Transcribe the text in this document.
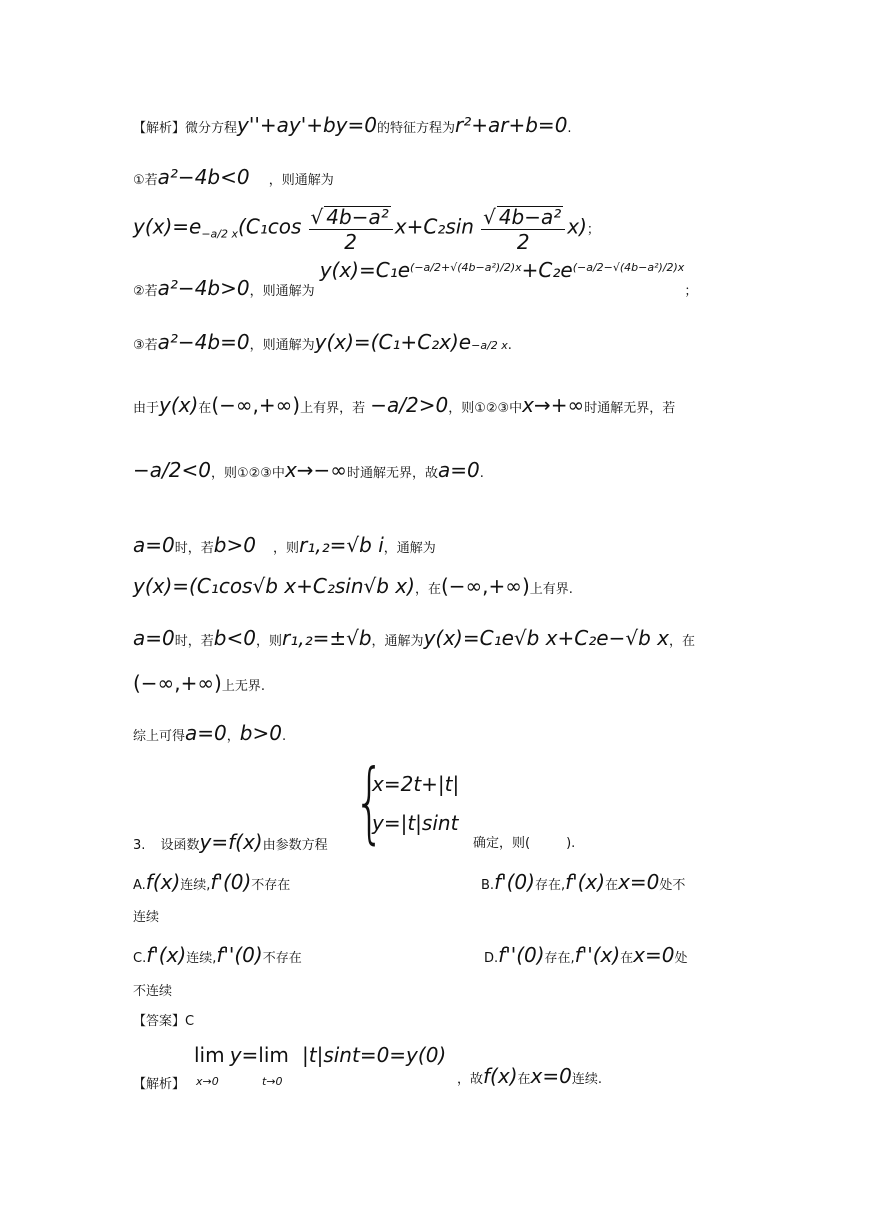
【解析】微分方程y''+ay'+by=0的特征方程为r²+ar+b=0.
①若a²−4b<0 ，则通解为
$y(x)=e_{-a/2 x}(C_1\cos \frac{\text{√ 4b−a²}}{2} x+C_2\sin \frac{\text{√ 4b−a²}}{2} x)$；
②若a²−4b>0，则通解为 $y(x)=C_1e^{(-a/2+√(4b-a^2)/2)x}+C_2e^{(-a/2-√(4b-a^2)/2)x}$；
③若a²−4b=0，则通解为y(x)=(C₁+C₂x)e−a/2 x.
由于y(x)在(−∞,+∞)上有界，若 −a/2>0，则①②③中x→+∞时通解无界，若
−a/2<0，则①②③中x→−∞时通解无界，故a=0.
a=0时，若b>0 ，则r₁,₂=√b i，通解为
y(x)=(C₁cos√b x+C₂sin√b x)，在(−∞,+∞)上有界.
a=0时，若b<0，则r₁,₂=±√b，通解为y(x)=C₁e√b x+C₂e−√b x，在
(−∞,+∞)上无界.
综上可得a=0，b>0.
{
x=2t+|t|
y=|t|sint
3. 设函数y=f(x)由参数方程	确定，则(	).
A.f(x)连续,f'(0)不存在	B.f'(0)存在,f'(x)在x=0处不
连续
C.f'(x)连续,f''(0)不存在	D.f''(0)存在,f''(x)在x=0处
不连续
【答案】C
lim y=lim |t|sint=0=y(0)
x→0	t→0
【解析】	，故f(x)在x=0连续.
